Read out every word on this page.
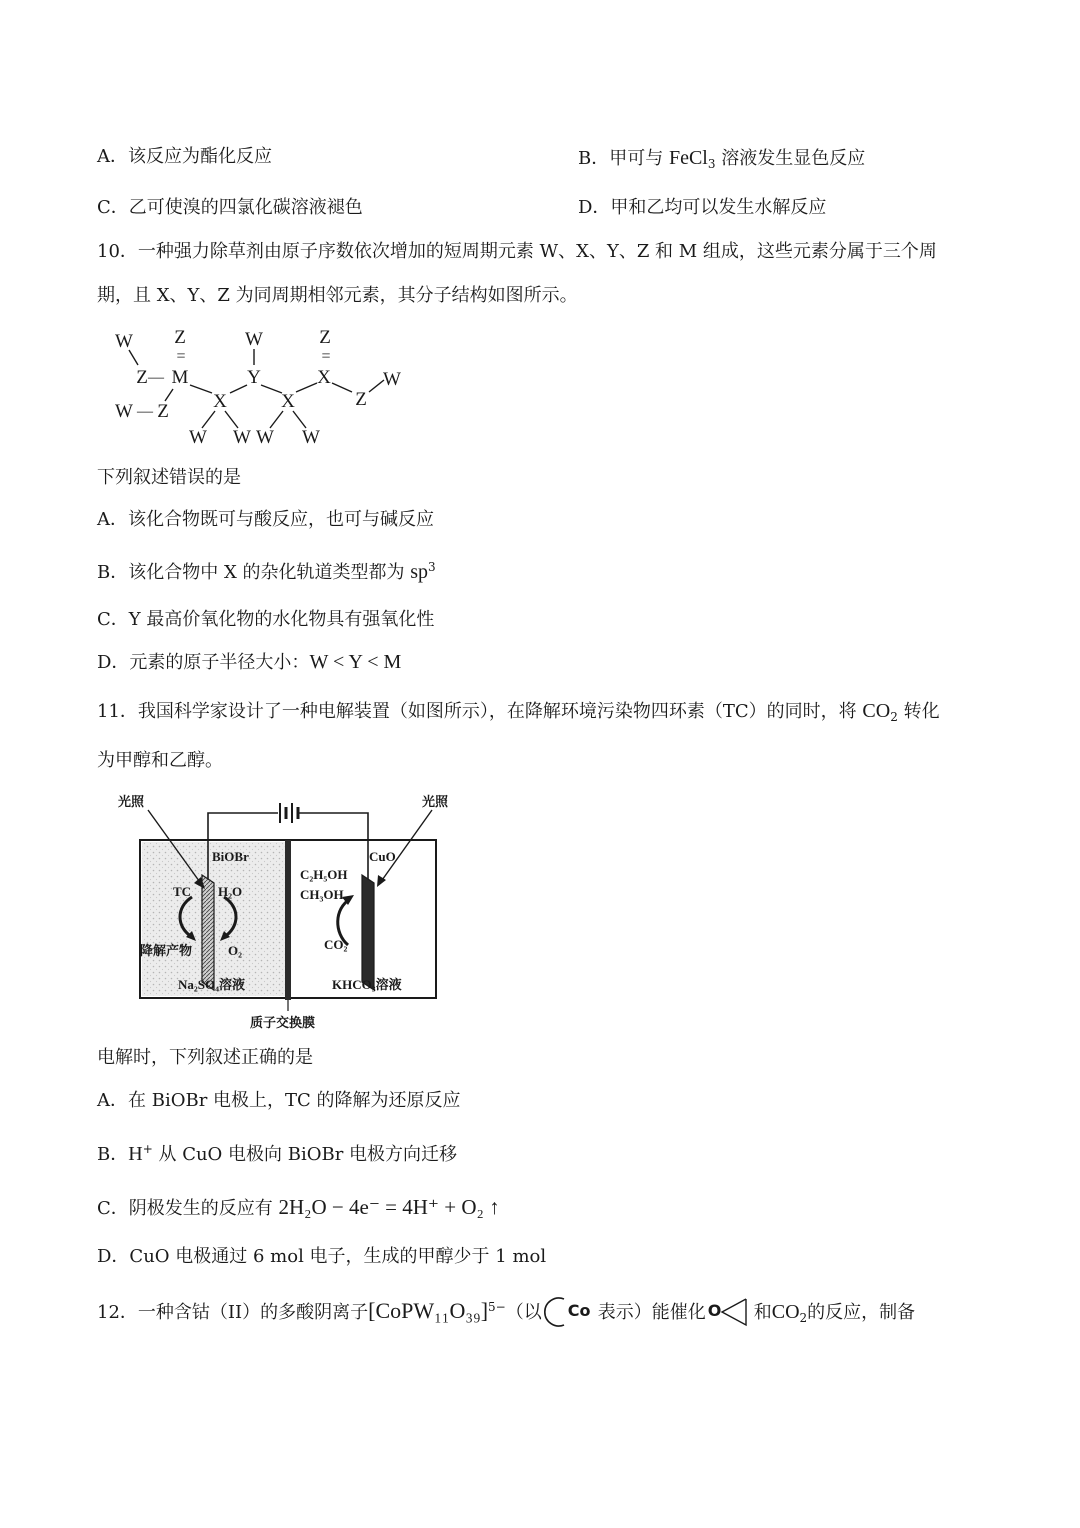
A．该反应为酯化反应	B．甲可与 FeCl$_3$ 溶液发生显色反应
C．乙可使溴的四氯化碳溶液褪色	D．甲和乙均可以发生水解反应
10．一种强力除草剂由原子序数依次增加的短周期元素 W、X、Y、Z 和 M 组成，这些元素分属于三个周
期，且 X、Y、Z 为同周期相邻元素，其分子结构如图所示。
W Z
=
W	Z
=
Z — M	Y	X	W
W — Z X	X	Z
W W W W
下列叙述错误的是
A．该化合物既可与酸反应，也可与碱反应
B．该化合物中 X 的杂化轨道类型都为 $sp^3$
C．Y 最高价氧化物的水化物具有强氧化性
D．元素的原子半径大小：W < Y < M
11．我国科学家设计了一种电解装置（如图所示），在降解环境污染物四环素（TC）的同时，将 $CO_2$ 转化
为甲醇和乙醇。
光照	光照
BiOBr
TC H₂O
降解产物	O₂
Na₂SO₄溶液
CuO
C₂H₅OH
CH₃OH
CO₂
KHCO₃溶液
质子交换膜
电解时，下列叙述正确的是
A．在 BiOBr 电极上，TC 的降解为还原反应
B．H+ 从 CuO 电极向 BiOBr 电极方向迁移
C．阴极发生的反应有 2H₂O − 4e⁻ = 4H⁺ + O₂ ↑
D．CuO 电极通过 6 mol 电子，生成的甲醇少于 1 mol
12．一种含钴（II）的多酸阴离子[CoPW₁₁O₃₉]$^{5-}$（以 Co 表示）能催化 O 和$CO_2$的反应，制备
